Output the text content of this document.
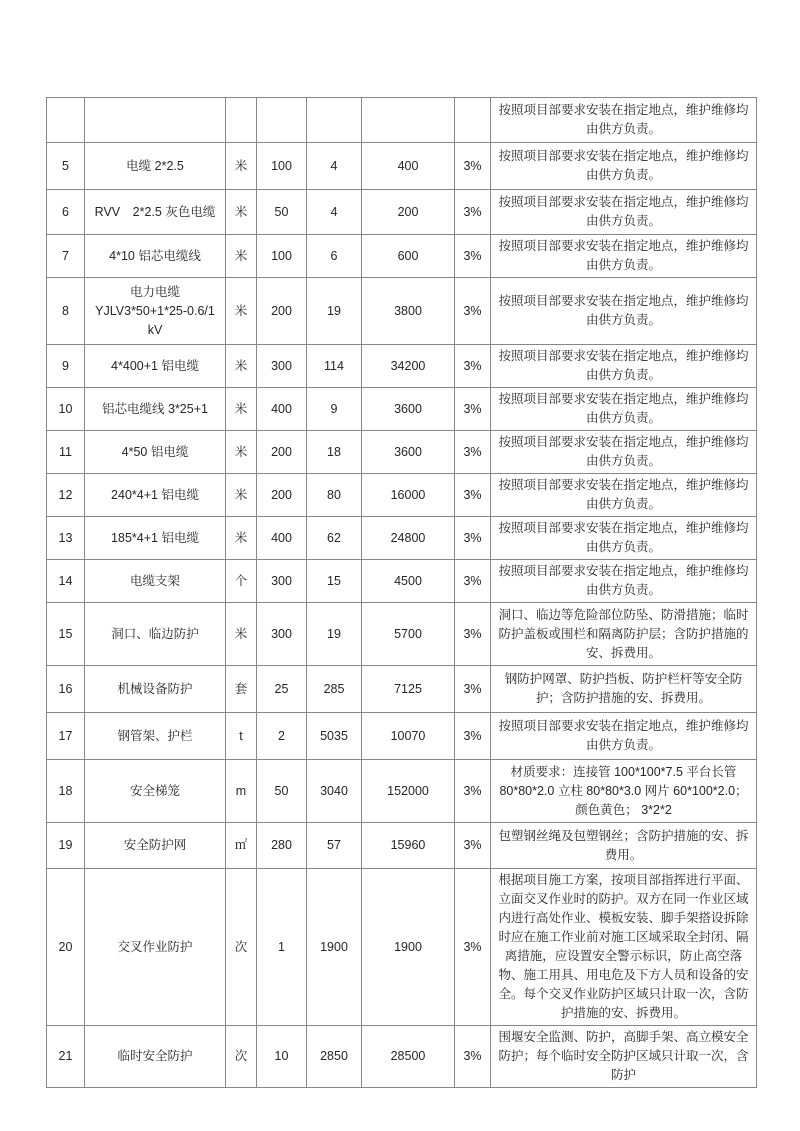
							按照项目部要求安装在指定地点，维护维修均由供方负责。
5	电缆 2*2.5	米	100	4	400	3%	按照项目部要求安装在指定地点，维护维修均由供方负责。
6	RVV　2*2.5 灰色电缆	米	50	4	200	3%	按照项目部要求安装在指定地点，维护维修均由供方负责。
7	4*10 铝芯电缆线	米	100	6	600	3%	按照项目部要求安装在指定地点，维护维修均由供方负责。
8	电力电缆 YJLV3*50+1*25-0.6/1 kV	米	200	19	3800	3%	按照项目部要求安装在指定地点，维护维修均由供方负责。
9	4*400+1 铝电缆	米	300	114	34200	3%	按照项目部要求安装在指定地点，维护维修均由供方负责。
10	铝芯电缆线 3*25+1	米	400	9	3600	3%	按照项目部要求安装在指定地点，维护维修均由供方负责。
11	4*50 铝电缆	米	200	18	3600	3%	按照项目部要求安装在指定地点，维护维修均由供方负责。
12	240*4+1 铝电缆	米	200	80	16000	3%	按照项目部要求安装在指定地点，维护维修均由供方负责。
13	185*4+1 铝电缆	米	400	62	24800	3%	按照项目部要求安装在指定地点，维护维修均由供方负责。
14	电缆支架	个	300	15	4500	3%	按照项目部要求安装在指定地点，维护维修均由供方负责。
15	洞口、临边防护	米	300	19	5700	3%	洞口、临边等危险部位防坠、防滑措施；临时防护盖板或围栏和隔离防护层；含防护措施的安、拆费用。
16	机械设备防护	套	25	285	7125	3%	钢防护网罩、防护挡板、防护栏杆等安全防护；含防护措施的安、拆费用。
17	钢管架、护栏	t	2	5035	10070	3%	按照项目部要求安装在指定地点，维护维修均由供方负责。
18	安全梯笼	m	50	3040	152000	3%	材质要求：连接管 100*100*7.5 平台长管 80*80*2.0 立柱 80*80*3.0 网片 60*100*2.0；颜色黄色； 3*2*2
19	安全防护网	㎡	280	57	15960	3%	包塑钢丝绳及包塑钢丝；含防护措施的安、拆费用。
20	交叉作业防护	次	1	1900	1900	3%	根据项目施工方案，按项目部指挥进行平面、立面交叉作业时的防护。双方在同一作业区域内进行高处作业、模板安装、脚手架搭设拆除时应在施工作业前对施工区域采取全封闭、隔离措施，应设置安全警示标识，防止高空落物、施工用具、用电危及下方人员和设备的安全。每个交叉作业防护区域只计取一次，含防护措施的安、拆费用。
21	临时安全防护	次	10	2850	28500	3%	围堰安全监测、防护，高脚手架、高立模安全防护；每个临时安全防护区域只计取一次，含防护
